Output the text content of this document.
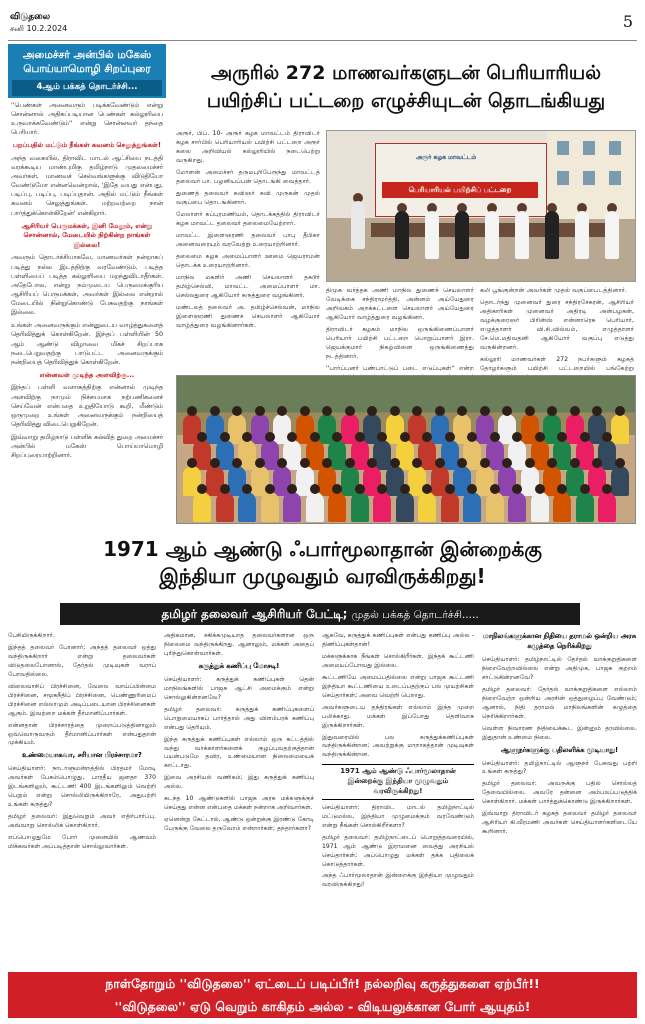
விடுதலை
சனி 10.2.2024	5
அமைச்சர் அன்பில் மகேஸ்
பொய்யாமொழி சிறப்புரை
4ஆம் பக்கத் தொடர்ச்சி...

''பெண்கள் அனைவரும் படிக்கவேண்டும் என்று சொன்னால் அதிகப்படியான பெண்கள் கல்லூரியை உருவாக்கவேண்டும்'' என்று சொன்னவர் தந்தை பெரியார்.

பறப்பதில் மட்டும் நீங்கள் கவனம் செலுத்துங்கள்!

அந்த வகையில், திராவிட மாடல் ஆட்சியை நடத்தி வரக்கூடிய மாண்புமிகு தமிழ்நாடு முதலமைச்சர் அவர்கள், மாணவச் செல்வங்களுக்கு விடுதியோ வேண்டுமோ என்னவென்றால், 'இதே வயது என்பது, படிப்பு, படிப்பு, படிப்புதான். அதில் மட்டும் நீங்கள் கவனம் செலுத்துங்கள். மற்றவற்றை நான் பார்த்துக்கொள்கிறேன்' என்கிறார்.

ஆசிரியர் பெருமக்கள், இனி மேலும், என்று சொன்னால், மேடையில் நிற்கின்ற நாங்கள் இல்லை!

அவரும் தொடர்ச்சியாகவே, மாணவர்கள் நன்றாகப் படித்து நல்ல இடத்திற்கு வரவேண்டும். படித்த பள்ளியைப் படித்த கல்லூரியை மறந்துவிடாதீர்கள். அதேபோல, என்று நம்முடைய பெருமைக்குரிய ஆசிரியப் பெருமக்கள், அவர்கள் இல்லை என்றால் மேடையில் நின்றுகொண்டு பேசுவதற்கு நாங்கள் இல்லை.

உங்கள் அனைவருக்கும் என்னுடைய வாழ்த்துகளைத் தெரிவித்துக் கொள்கிறேன். இந்தப் பள்ளியின் 50 ஆம் ஆண்டு விழாவை மிகச் சிறப்பாக நடைபெறுவதற்கு பாடுபட்ட அனைவருக்கும் நன்றியைத் தெரிவித்துக் கொள்கிறேன்.

என்னவள் முடிந்த அளவிற்கு...

இந்தப் பள்ளி வளாகத்திற்கு என்னால் முடிந்த அளவிற்கு நாமும் நிச்சயமாக நற்பணிகளைச் செய்வேன் என்பதை உறுதியோடு கூறி, மீண்டும் ஒருமுறை உங்கள் அனைவருக்கும் நன்றியைத் தெரிவித்து விடைபெறுகிறேன்.

இவ்வாறு தமிழ்நாடு பள்ளிக் கல்வித் துறை அமைச்சர் அன்பில் மகேஸ் பொய்யாமொழி சிறப்புரையாற்றினார்.

அருரில் 272 மாணவர்களுடன் பெரியாரியல்
பயிற்சிப் பட்டறை எழுச்சியுடன் தொடங்கியது

அரூர், பிப். 10- அரூர் கழக மாவட்டம் திராவிடர் கழக சார்பில் பெரியாரியல் பயிற்சி பட்டறை அரூர் கலை அறிவியல் கல்லூரியில் நடைபெற்று வருகிறது.

மோளன் அமைச்சர் தருமபுரிபேருந்து மாவட்டத் தலைவர் பா. பழனியப்பன் தொடங்கி வைத்தார்.

துணைத் தலைவர் கவிஞர் கவி முருகன் முதல் வகுப்பை தொடங்கினார்.

மேலாளர் சுப்புரமணியம், தொடக்கத்தில் திராவிடர் கழக மாவட்ட தலைவர் தலைமையேற்றார்.

மாவட்ட இளைஞரணி தலைவர் பாபு தீபிகா அனைவரையும் வரவேற்று உரையாற்றினார்.

தலைமை கழக அமைப்பாளர் ஊமை ஜெயராமன் தொடக்க உரையாற்றினார்.

மாநில மகளிர் அணி செயலாளர் தகடூர் தமிழ்செல்வி, மாவட்ட அமைப்பாளர் மா. செல்லதுரை ஆகியோர் கருத்துரை வழங்கினர்.

மண்டலத் தலைவர் அ. தமிழ்ச்செல்வன், மாநில இளைஞரணி துணைச் செயலாளர் ஆகியோர் வாழ்த்துரை வழங்கினார்கள்.

அரூர் கழக மாவட்டம்
பெரியாரியல் பயிற்சிப் பட்டறை

திமுக வர்த்தக அணி மாநில துணைச் செயலாளர் வேடிக்கை சந்திரமூர்த்தி, அன்னம் அய்யேதுரை அறிவகம் அறக்கட்டளை செயலாளர் அய்யேதுரை ஆகியோர் வாழ்த்துரை வழங்கினர்.

திராவிடர் கழகம் மாநில ஒருங்கிணைப்பாளர் பெரியார் பயிற்சி பட்டறை பொறுப்பாளர் இரா. ஜெயக்குமார் நிகழ்வினை ஒருங்கிணைத்து நடத்தினார்.

''பார்ப்பனர் பண்பாட்டுப் படை எடுப்புகள்'' என்ற

கலி பூங்குன்றன் அவர்கள் முதல் வகுப்பைடத்தினார்.

தொடர்ந்து முனைவர் துரை சந்திரசேகரன், ஆசிரியர் அதிகாரிகள் முனைவர் அதிரடி அன்பழகன், வழக்குரைஞர் பிரின்ஸ் என்னாரெசு பெரியார், எழுத்தாளர் வி.சி.வில்வம், எழுத்தாளர் சே.மெ.மதிவதனி ஆகியோர் வகுப்பு எடுத்து வருகின்றனர்.

கல்லூரி மாணவர்கள் 272 நபர்களும் கழகத் தோழர்களும் பயிற்சி பட்டறையில் பங்கேற்று

1971 ஆம் ஆண்டு ஃபார்மூலாதான் இன்றைக்கு
இந்தியா முழுவதும் வரவிருக்கிறது!
தமிழர் தலைவர் ஆசிரியர் பேட்டி; முதல் பக்கத் தொடர்ச்சி.....

பேசியிருக்கிறார்.

இந்தத் தலைவர் போனார்; அந்தத் தலைவர் ஒத்து வந்திருக்கிறார் என்று தலைவர்கள் விடுதலைபோனால், தேர்தல் முடிவுகள் வராப் போவதில்லை.

விலைவாசிப் பிரச்சினை, வேலை வாய்ப்பின்மை பிரச்சினை, சமூகநீதிப் பிரச்சினை, பெண்ணுரிமைப் பிரச்சினை எல்லாமும் அடிப்படையான பிரச்சினைகள் ஆகும். இவற்றை மக்கள் தீர்மானிப்பார்கள்.

என்னதான் பிரச்சாரத்தை முறைப்படுத்தினாலும் ஒவ்வொருவரும் தீர்மானிப்பார்கள் என்பதுதான் முக்கியம்.

உண்மையாகவா, சரியான பிரச்சாரமா?

செய்தியாளர்: நாடாளுமன்றத்தில் பிரதமர் மோடி அவர்கள் பேசும்பொழுது, பாரதீய ஜனதா 370 இடங்களிலும், கூட்டணி 400 இடங்களிலும் வெற்றி பெறும் என்று சொல்லியிருக்கிறாரே, அதுபற்றி உங்கள் கருத்து?

தமிழர் தலைவர்: இதுவெறும் அவர் எதிர்பார்ப்பு. அவ்வாறு சொல்லிக் கொள்கிறார்.

எப்பொழுதுமே போர் முனையில் ஆணவம் மிக்கவர்கள் அப்படித்தான் சொல்லுவார்கள்.

அதிகமான, சகிக்கமுடியாத தலைவர்களான ஒரு நிலைமை வந்திருக்கிறது. ஆனாலும், மக்கள் அதைப் புரிந்துகொள்வார்கள்.

கருத்துக் கணிப்பு மோசடி!

செய்தியாளர்: கருத்துக் கணிப்புகள் தென் மாநிலங்களில் பாஜக ஆட்சி அமைக்கும் என்று சொல்லுகின்றனவே?

தமிழர் தலைவர்: கருத்துக் கணிப்புகளைப் பொறுமையாகப் பார்த்தால் அது விளம்பரக் கணிப்பு என்பது தெரியும்.

இந்த கருத்துக் கணிப்புகள் எல்லாம் ஒரு கட்டத்தில் வந்து வாக்காளர்களைக் குழப்புவதற்குத்தான் பயன்படுமே தவிர, உண்மையான நிலைமையைக் காட்டாது.

இவை அரசியல் வணிகம்; இது கருத்துக் கணிப்பு அல்ல.

கடந்த 10 ஆண்டுகளில் பாஜக அரசு மக்களுக்குச் செய்தது என்ன என்பதை மக்கள் நன்றாக அறிவார்கள்.

ஏனென்று கேட்டால், ஆண்டு ஒன்றுக்கு இரண்டு கோடி பேருக்கு வேலை தருவோம் என்றார்கள்; தந்தார்களா?

ஆகவே, கருத்துக் கணிப்புகள் என்பது கணிப்பு அல்ல - திணிப்புகள்தான்!

மக்களுக்காக நீங்கள் சொல்கிறீர்கள். இந்தக் கூட்டணி அமையப்போவது இல்லை.

கூட்டணியே அமைப்பதில்லை என்று பாஜக கூட்டணி இந்தியா கூட்டணியை உடைப்பதற்குப் பல முயற்சிகள் செய்தார்கள்; அவை வெற்றி பெறாது.

அவர்களுடைய தந்திரங்கள் எல்லாம் இந்த முறை பலிக்காது. மக்கள் இப்போது தெளிவாக இருக்கிறார்கள்.

இதுவரையில் பல கருத்துக்கணிப்புகள் வந்திருக்கின்றன; அவற்றுக்கு மாறாகத்தான் முடிவுகள் வந்திருக்கின்றன.

1971 ஆம் ஆண்டு ஃபார்மூலாதான் இன்றைக்கு இந்தியா முழுவதும் வரவிருக்கிறது!

செய்தியாளர்: திராவிட மாடல் தமிழ்நாட்டில் மட்டுமல்ல, இந்தியா முழுமைக்கும் வரவேண்டும் என்று நீங்கள் சொல்கிறீர்களா?

தமிழர் தலைவர்: தமிழ்நாட்டைப் பொறுத்தவரையில், 1971 ஆம் ஆண்டு இராமனை வைத்து அரசியல் செய்தார்கள்; அப்பொழுது மக்கள் தக்க பதிலைக் கொடுத்தார்கள்.

அந்த ஃபார்மூலாதான் இன்றைக்கு இந்தியா முழுவதும் வரவிருக்கிறது!

மாநிலங்களுக்கான நிதியை தராமல் ஒன்றிய அரசு கழுத்தை நெரிக்கிறது

செய்தியாளர்: தமிழ்நாட்டில் தேர்தல் வாக்குறுதிகளை நிறைவேற்றவில்லை என்று அதிமுக, பாஜக குற்றம் சாட்டுகின்றனவே?

தமிழர் தலைவர்: தேர்தல் வாக்குறுதிகளை எல்லாம் நிறைவேற்ற ஒன்றிய அரசின் ஒத்துழைப்பு வேண்டும்; ஆனால், நிதி தராமல் மாநிலங்களின் கழுத்தை நெரிக்கிறார்கள்.

வெள்ள நிவாரண நிதியைக்கூட இன்னும் தரவில்லை. இதுதான் உண்மை நிலை.

ஆளுநர்களுக்கு பதிலளிக்க முடியாது!

செய்தியாளர்: தமிழ்நாட்டில் ஆளுநர் பேசுவது பற்றி உங்கள் கருத்து?

தமிழர் தலைவர்: அவருக்கு பதில் சொல்லத் தேவையில்லை. அவரே தன்னை அம்பலப்படுத்திக் கொள்கிறார். மக்கள் பார்த்துக்கொண்டு இருக்கிறார்கள்.

இவ்வாறு திராவிடர் கழகத் தலைவர் தமிழர் தலைவர் ஆசிரியர் கி.வீரமணி அவர்கள் செய்தியாளர்களிடையே கூறினார்.

நாள்தோறும் ''விடுதலை'' ஏட்டைப் படிப்பீர்! நல்லறிவு கருத்துகளை ஏற்பீர்!!
''விடுதலை'' ஏடு வெறும் காகிதம் அல்ல - விடியலுக்கான போர் ஆயுதம்!
